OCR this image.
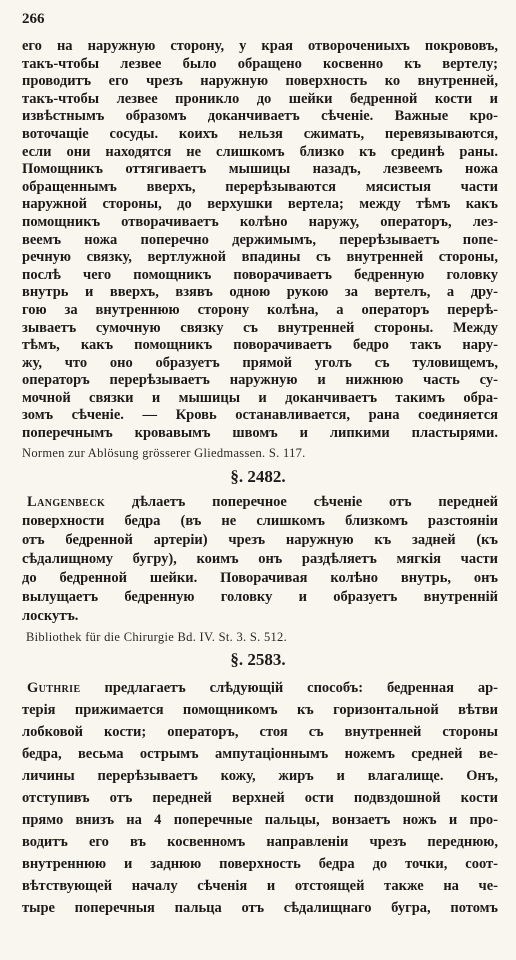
266
его на наружную сторону, у края отворочениыхъ покрововъ,
такъ-чтобы лезвее было обращено косвенно къ вертелу;
проводитъ его чрезъ наружную поверхность ко внутренней,
такъ-чтобы лезвее проникло до шейки бедренной кости и
извѣстнымъ образомъ доканчиваетъ сѣченіе. Важные кро-
воточащіе сосуды. коихъ нельзя сжимать, перевязываются,
если они находятся не слишкомъ близко къ срединѣ раны.
Помощникъ оттягиваетъ мышицы назадъ, лезвеемъ ножа
обращеннымъ вверхъ, перерѣзываются мясистыя части
наружной стороны, до верхушки вертела; между тѣмъ какъ
помощникъ отворачиваетъ колѣно наружу, операторъ, лез-
веемъ ножа поперечно держимымъ, перерѣзываетъ попе-
речную связку, вертлужной впадины съ внутренней стороны,
послѣ чего помощникъ поворачиваетъ бедренную головку
внутрь и вверхъ, взявъ одною рукою за вертелъ, а дру-
гою за внутреннюю сторону колѣна, а операторъ перерѣ-
зываетъ сумочную связку съ внутренней стороны. Между
тѣмъ, какъ помощникъ поворачиваетъ бедро такъ нару-
жу, что оно образуетъ прямой уголъ съ туловищемъ,
операторъ перерѣзываетъ наружную и нижнюю часть су-
мочной связки и мышицы и доканчиваетъ такимъ обра-
зомъ сѣченіе. — Кровь останавливается, рана соединяется
поперечнымъ кровавымъ швомъ и липкими пластырями.
Normen zur Ablösung grösserer Gliedmassen. S. 117.
§. 2482.
Langenbeck дѣлаетъ поперечное сѣченіе отъ передней
поверхности бедра (въ не слишкомъ близкомъ разстояніи
отъ бедренной артеріи) чрезъ наружную къ задней (къ
сѣдалищному бугру), коимъ онъ раздѣляетъ мягкія части
до бедренной шейки. Поворачивая колѣно внутрь, онъ
вылущаетъ бедренную головку и образуетъ внутренній
лоскутъ.
Bibliothek für die Chirurgie Bd. IV. St. 3. S. 512.
§. 2583.
Guthrie предлагаетъ слѣдующій способъ: бедренная ар-
терія прижимается помощникомъ къ горизонтальной вѣтви
лобковой кости; операторъ, стоя съ внутренней стороны
бедра, весьма острымъ ампутаціоннымъ ножемъ средней ве-
личины перерѣзываетъ кожу, жиръ и влагалище. Онъ,
отступивъ отъ передней верхней ости подвздошной кости
прямо внизъ на 4 поперечные пальцы, вонзаетъ ножъ и про-
водитъ его въ косвенномъ направленіи чрезъ переднюю,
внутреннюю и заднюю поверхность бедра до точки, соот-
вѣтствующей началу сѣченія и отстоящей также на че-
тыре поперечныя пальца отъ сѣдалищнаго бугра, потомъ
